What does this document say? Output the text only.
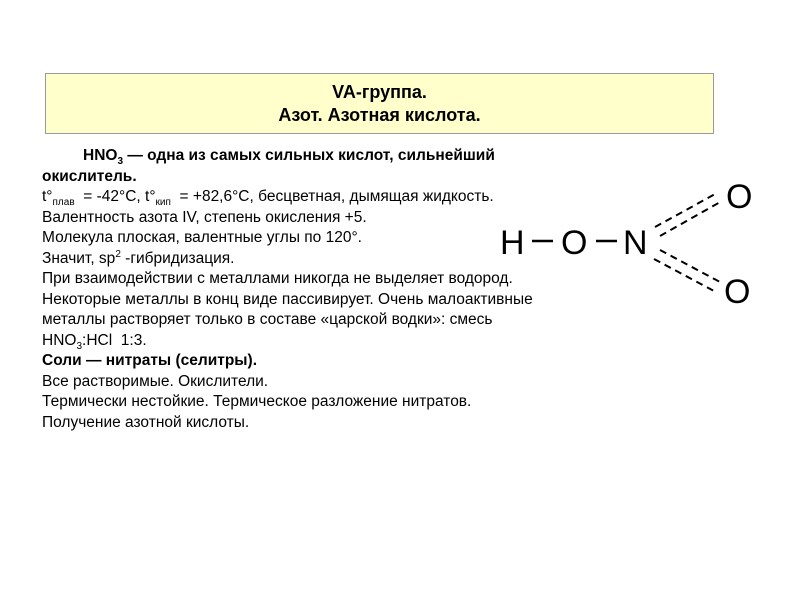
VA-группа.
Азот. Азотная кислота.
$HNO_3$ — одна из самых сильных кислот, сильнейший
окислитель.
$t^\circ_{плав} = -42^\circ C$, $t^\circ_{кип} = +82,6^\circ C$, бесцветная, дымящая жидкость.
Валентность азота IV, степень окисления +5.
Молекула плоская, валентные углы по 120°.
Значит, $sp^2$ -гибридизация.
При взаимодействии с металлами никогда не выделяет водород.
Некоторые металлы в конц виде пассивирует. Очень малоактивные
металлы растворяет только в составе «царской водки»: смесь
$HNO_3:HCl$  1:3.
Соли — нитраты (селитры).
Все растворимые. Окислители.
Термически нестойкие. Термическое разложение нитратов.
Получение азотной кислоты.
H O N
O
O
